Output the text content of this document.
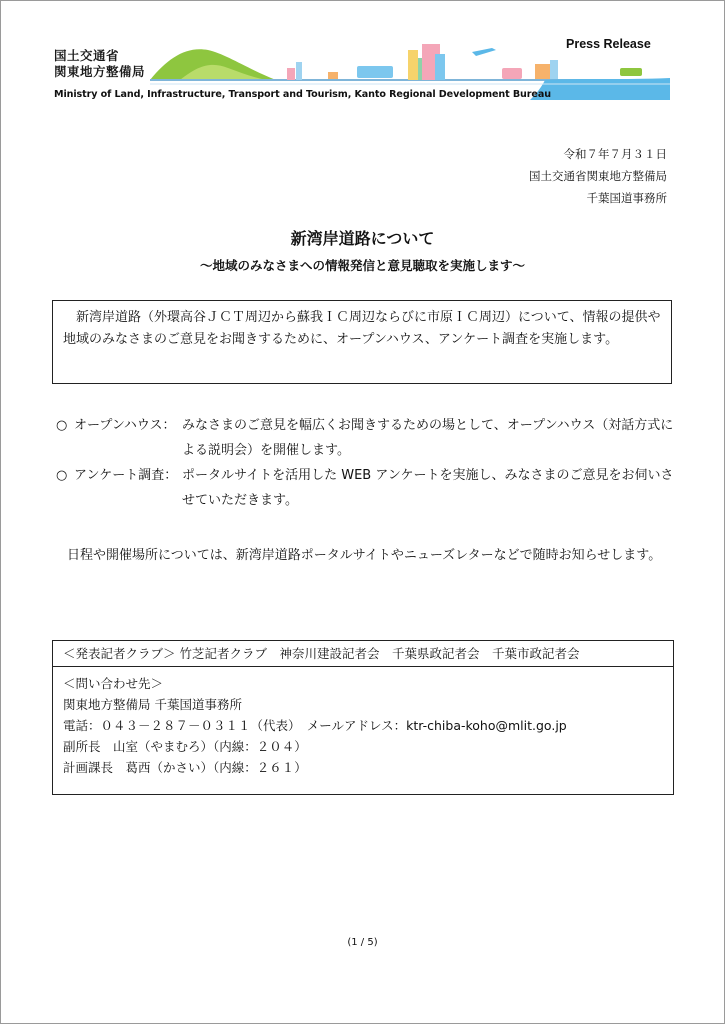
国土交通省
関東地方整備局
Press Release
Ministry of Land, Infrastructure, Transport and Tourism, Kanto Regional Development Bureau
令和７年７月３１日
国土交通省関東地方整備局
千葉国道事務所
新湾岸道路について
～地域のみなさまへの情報発信と意見聴取を実施します～

新湾岸道路（外環高谷ＪＣＴ周辺から蘇我ＩＣ周辺ならびに市原ＩＣ周辺）について、情報の提供や地域のみなさまのご意見をお聞きするために、オープンハウス、アンケート調査を実施します。

○ オープンハウス： みなさまのご意見を幅広くお聞きするための場として、オープンハウス（対話方式による説明会）を開催します。
○ アンケート調査： ポータルサイトを活用した WEB アンケートを実施し、みなさまのご意見をお伺いさせていただきます。

日程や開催場所については、新湾岸道路ポータルサイトやニューズレターなどで随時お知らせします。

＜発表記者クラブ＞ 竹芝記者クラブ　神奈川建設記者会　千葉県政記者会　千葉市政記者会
＜問い合わせ先＞
関東地方整備局 千葉国道事務所
電話：０４３－２８７－０３１１（代表）　メールアドレス：ktr-chiba-koho@mlit.go.jp
副所長　山室（やまむろ）（内線：２０４）
計画課長　葛西（かさい）（内線：２６１）
(1 / 5)
